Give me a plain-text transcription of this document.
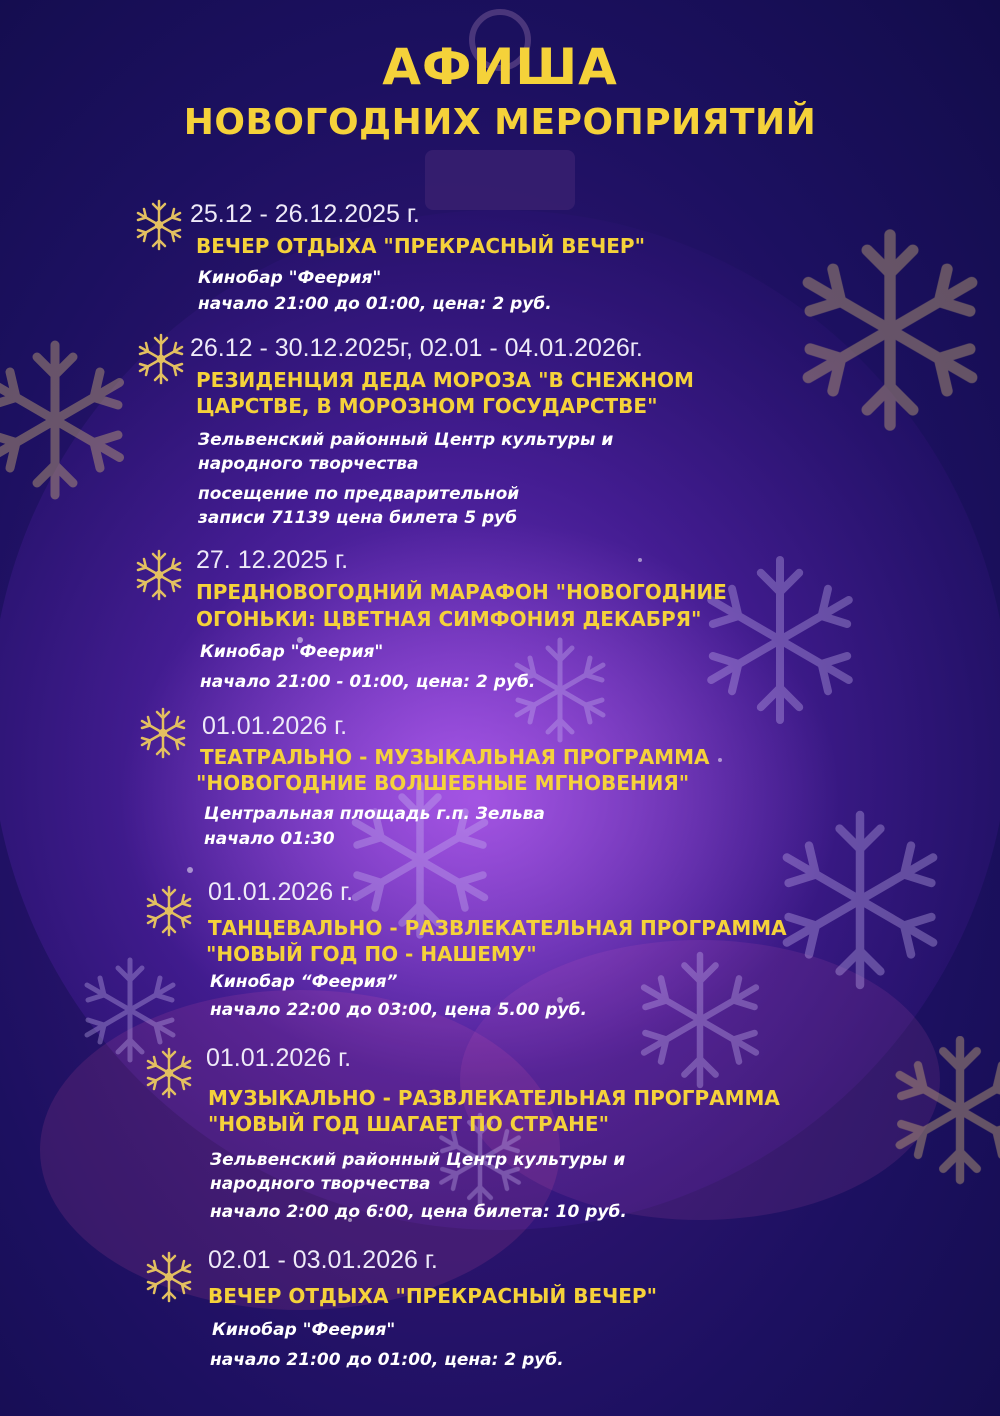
АФИША
НОВОГОДНИХ МЕРОПРИЯТИЙ
25.12 - 26.12.2025 г.
ВЕЧЕР ОТДЫХА "ПРЕКРАСНЫЙ ВЕЧЕР"
Кинобар "Феерия"
начало 21:00 до 01:00, цена: 2 руб.
26.12 - 30.12.2025г, 02.01 - 04.01.2026г.
РЕЗИДЕНЦИЯ ДЕДА МОРОЗА "В СНЕЖНОМ
ЦАРСТВЕ, В МОРОЗНОМ ГОСУДАРСТВЕ"
Зельвенский районный Центр культуры и
народного творчества
посещение по предварительной
записи 71139 цена билета 5 руб
27. 12.2025 г.
ПРЕДНОВОГОДНИЙ МАРАФОН "НОВОГОДНИЕ
ОГОНЬКИ: ЦВЕТНАЯ СИМФОНИЯ ДЕКАБРЯ"
Кинобар "Феерия"
начало 21:00 - 01:00, цена: 2 руб.
01.01.2026 г.
ТЕАТРАЛЬНО - МУЗЫКАЛЬНАЯ ПРОГРАММА
"НОВОГОДНИЕ ВОЛШЕБНЫЕ МГНОВЕНИЯ"
Центральная площадь г.п. Зельва
начало 01:30
01.01.2026 г.
ТАНЦЕВАЛЬНО - РАЗВЛЕКАТЕЛЬНАЯ ПРОГРАММА
"НОВЫЙ ГОД ПО - НАШЕМУ"
Кинобар “Феерия”
начало 22:00 до 03:00, цена 5.00 руб.
01.01.2026 г.
МУЗЫКАЛЬНО - РАЗВЛЕКАТЕЛЬНАЯ ПРОГРАММА
"НОВЫЙ ГОД ШАГАЕТ ПО СТРАНЕ"
Зельвенский районный Центр культуры и
народного творчества
начало 2:00 до 6:00, цена билета: 10 руб.
02.01 - 03.01.2026 г.
ВЕЧЕР ОТДЫХА "ПРЕКРАСНЫЙ ВЕЧЕР"
Кинобар "Феерия"
начало 21:00 до 01:00, цена: 2 руб.
